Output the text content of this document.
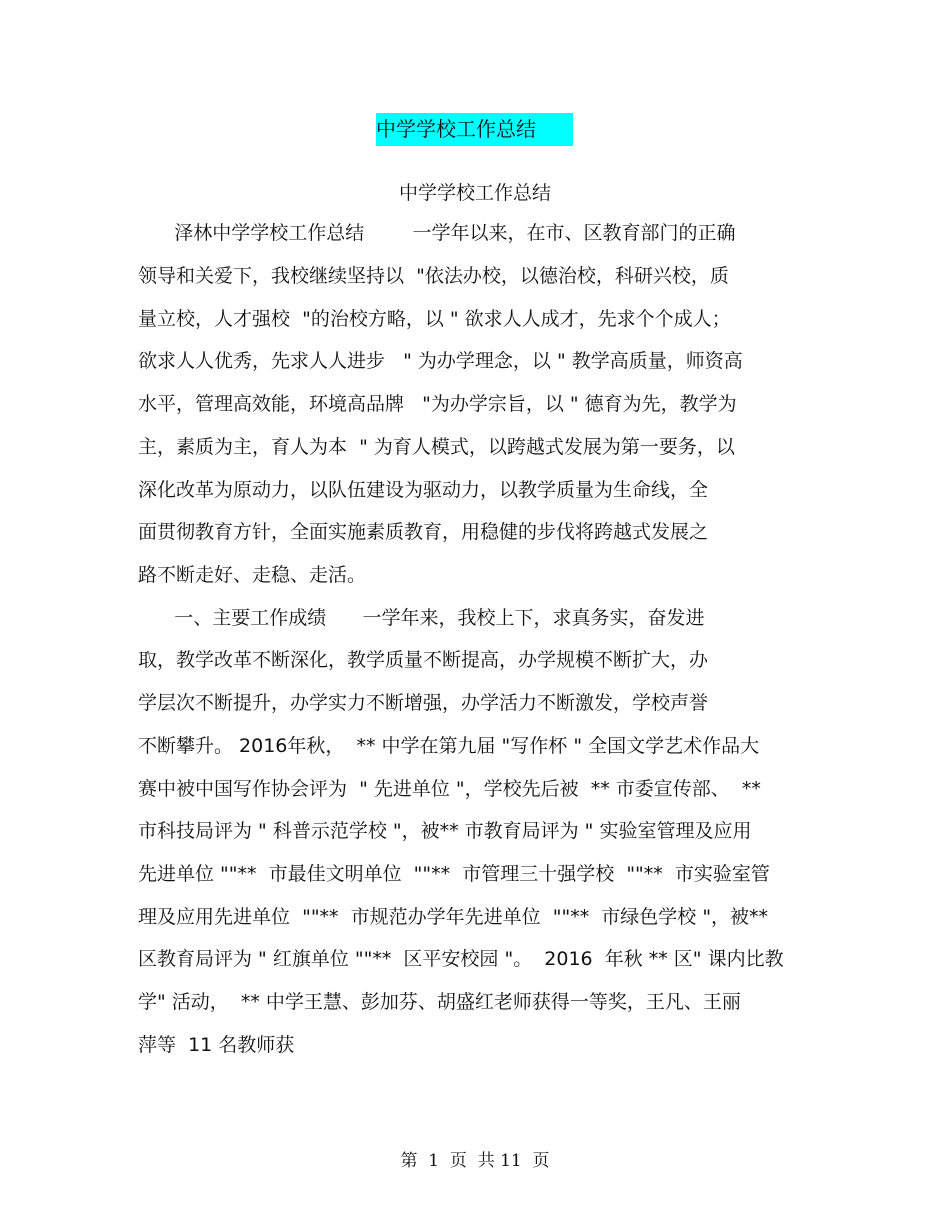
中学学校工作总结
中学学校工作总结
泽林中学学校工作总结        一学年以来，在市、区教育部门的正确
领导和关爱下，我校继续坚持以  "依法办校，以德治校，科研兴校，质
量立校，人才强校  "的治校方略，以 " 欲求人人成才，先求个个成人；
欲求人人优秀，先求人人进步   " 为办学理念，以 " 教学高质量，师资高
水平，管理高效能，环境高品牌   "为办学宗旨，以 " 德育为先，教学为
主，素质为主，育人为本  " 为育人模式，以跨越式发展为第一要务，以
深化改革为原动力，以队伍建设为驱动力，以教学质量为生命线，全
面贯彻教育方针，全面实施素质教育，用稳健的步伐将跨越式发展之
路不断走好、走稳、走活。
一、主要工作成绩      一学年来，我校上下，求真务实，奋发进
取，教学改革不断深化，教学质量不断提高，办学规模不断扩大，办
学层次不断提升，办学实力不断增强，办学活力不断激发，学校声誉
不断攀升。 2016年秋，  ** 中学在第九届 "写作杯 " 全国文学艺术作品大
赛中被中国写作协会评为  " 先进单位 "，学校先后被  ** 市委宣传部、  **
市科技局评为 " 科普示范学校 "，被** 市教育局评为 " 实验室管理及应用
先进单位 ""**  市最佳文明单位  ""**  市管理三十强学校  ""**  市实验室管
理及应用先进单位  ""**  市规范办学年先进单位  ""**  市绿色学校 "，被**
区教育局评为 " 红旗单位 ""**  区平安校园 "。  2016  年秋 ** 区" 课内比教
学" 活动，  ** 中学王慧、彭加芬、胡盛红老师获得一等奖，王凡、王丽
萍等  11 名教师获
第  1  页  共 11  页
